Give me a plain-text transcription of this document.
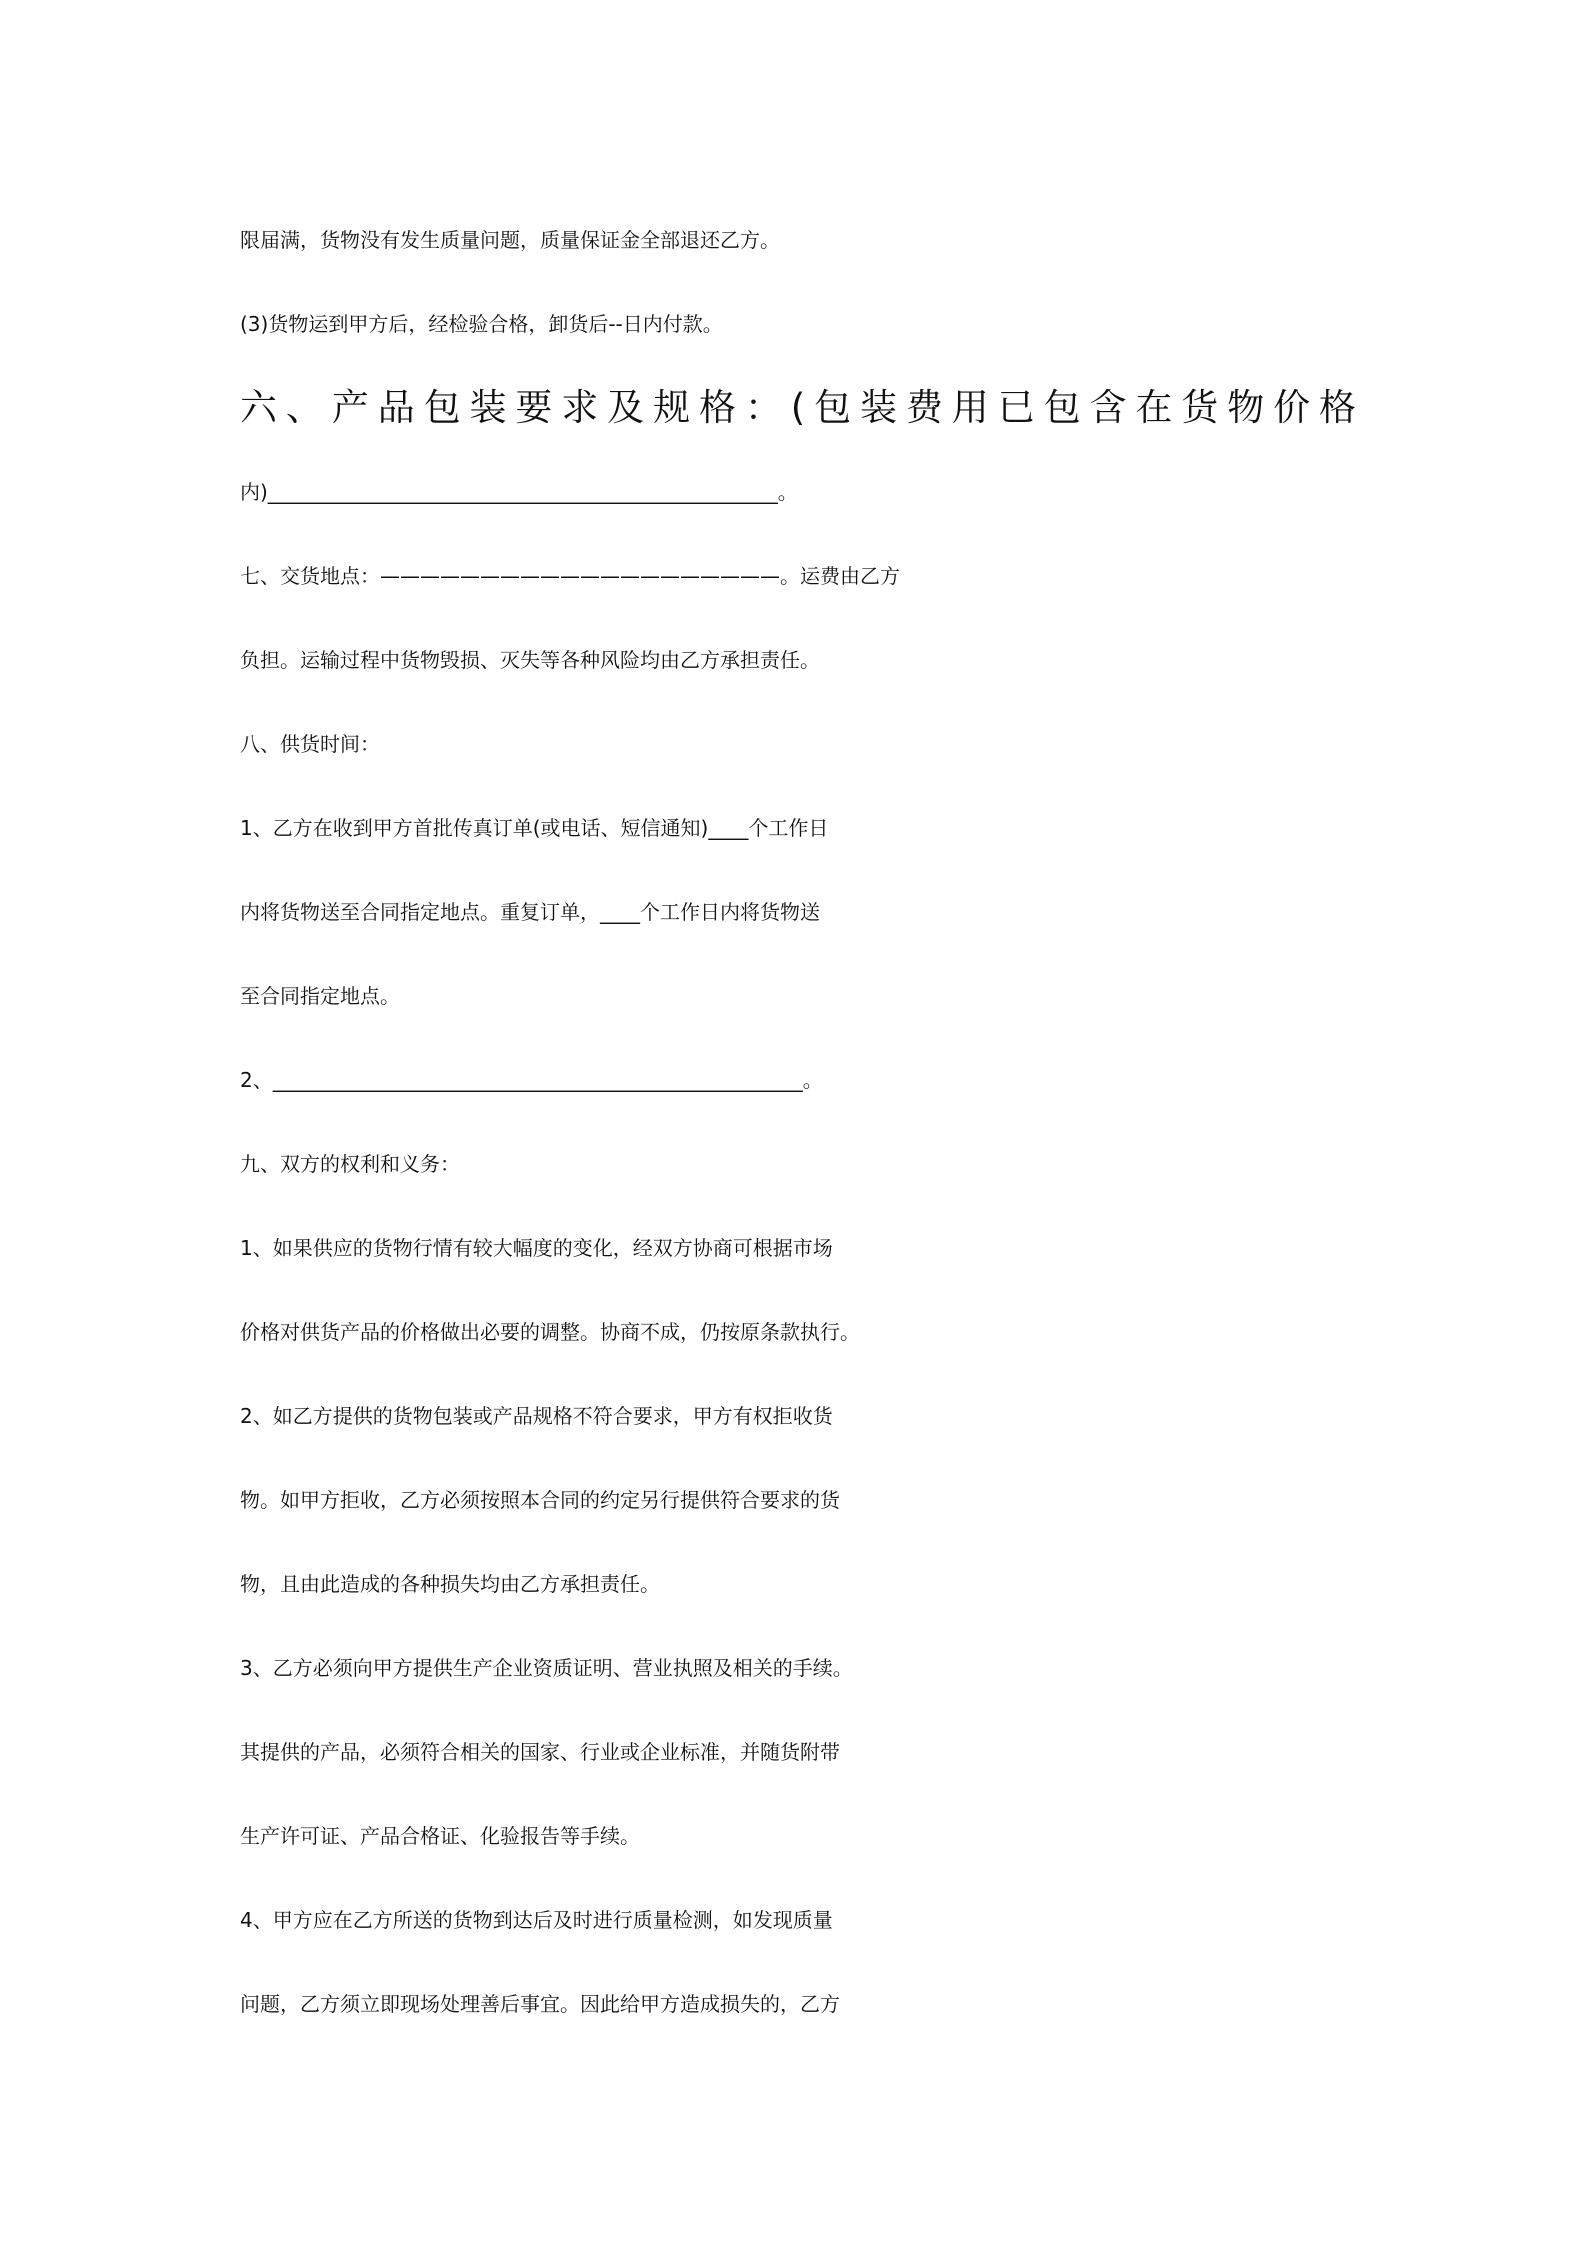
限届满，货物没有发生质量问题，质量保证金全部退还乙方。
(3)货物运到甲方后，经检验合格，卸货后--日内付款。
六、产品包装要求及规格：(包装费用已包含在货物价格
内)___________________________________________________。
七、交货地点：————————————————————。运费由乙方
负担。运输过程中货物毁损、灭失等各种风险均由乙方承担责任。
八、供货时间：
1、乙方在收到甲方首批传真订单(或电话、短信通知)____个工作日
内将货物送至合同指定地点。重复订单，____个工作日内将货物送
至合同指定地点。
2、_____________________________________________________。
九、双方的权利和义务：
1、如果供应的货物行情有较大幅度的变化，经双方协商可根据市场
价格对供货产品的价格做出必要的调整。协商不成，仍按原条款执行。
2、如乙方提供的货物包装或产品规格不符合要求，甲方有权拒收货
物。如甲方拒收，乙方必须按照本合同的约定另行提供符合要求的货
物，且由此造成的各种损失均由乙方承担责任。
3、乙方必须向甲方提供生产企业资质证明、营业执照及相关的手续。
其提供的产品，必须符合相关的国家、行业或企业标准，并随货附带
生产许可证、产品合格证、化验报告等手续。
4、甲方应在乙方所送的货物到达后及时进行质量检测，如发现质量
问题，乙方须立即现场处理善后事宜。因此给甲方造成损失的，乙方
